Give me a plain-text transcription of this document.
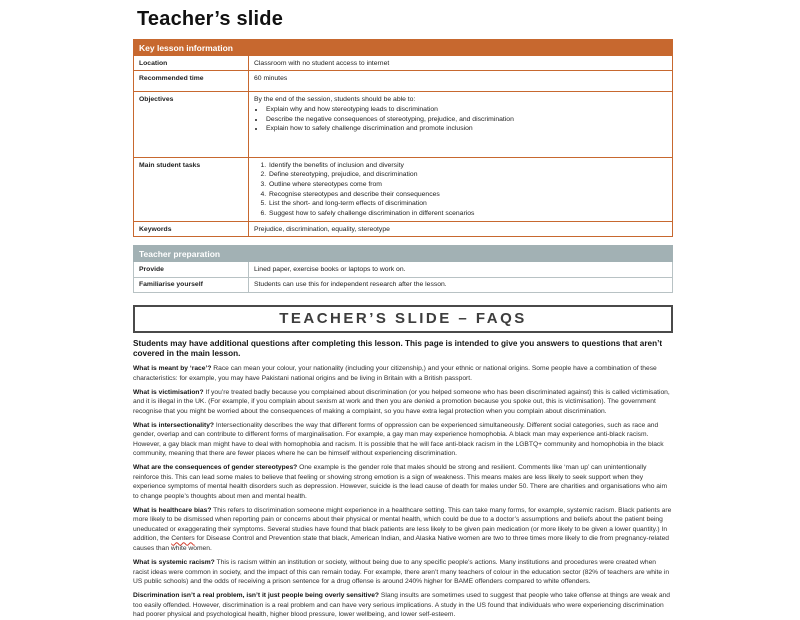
Teacher’s slide
Key lesson information
Location	Classroom with no student access to internet
Recommended time	60 minutes
Objectives	By the end of the session, students should be able to:
• Explain why and how stereotyping leads to discrimination
• Describe the negative consequences of stereotyping, prejudice, and discrimination
• Explain how to safely challenge discrimination and promote inclusion
Main student tasks	1. Identify the benefits of inclusion and diversity
2. Define stereotyping, prejudice, and discrimination
3. Outline where stereotypes come from
4. Recognise stereotypes and describe their consequences
5. List the short- and long-term effects of discrimination
6. Suggest how to safely challenge discrimination in different scenarios
Keywords	Prejudice, discrimination, equality, stereotype
Teacher preparation
Provide	Lined paper, exercise books or laptops to work on.
Familiarise yourself	Students can use this for independent research after the lesson.
TEACHER’S SLIDE – FAQS

Students may have additional questions after completing this lesson. This page is intended to give you answers to questions that aren’t covered in the main lesson.

What is meant by ‘race’? Race can mean your colour, your nationality (including your citizenship,) and your ethnic or national origins. Some people have a combination of these characteristics: for example, you may have Pakistani national origins and be living in Britain with a British passport.

What is victimisation? If you’re treated badly because you complained about discrimination (or you helped someone who has been discriminated against) this is called victimisation, and it is illegal in the UK. (For example, if you complain about sexism at work and then you are denied a promotion because you spoke out, this is victimisation). The government recognise that you might be worried about the consequences of making a complaint, so you have extra legal protection when you complain about discrimination.

What is intersectionality? Intersectionality describes the way that different forms of oppression can be experienced simultaneously. Different social categories, such as race and gender, overlap and can contribute to different forms of marginalisation. For example, a gay man may experience homophobia. A black man may experience anti-black racism. However, a gay black man might have to deal with homophobia and racism. It is possible that he will face anti-black racism in the LGBTQ+ community and homophobia in the black community, meaning that there are fewer places where he can be himself without experiencing discrimination.

What are the consequences of gender stereotypes? One example is the gender role that males should be strong and resilient. Comments like ‘man up’ can unintentionally reinforce this. This can lead some males to believe that feeling or showing strong emotion is a sign of weakness. This means males are less likely to seek support when they experience symptoms of mental health disorders such as depression. However, suicide is the lead cause of death for males under 50. There are charities and organisations who aim to change people’s thoughts about men and mental health.

What is healthcare bias? This refers to discrimination someone might experience in a healthcare setting. This can take many forms, for example, systemic racism. Black patients are more likely to be dismissed when reporting pain or concerns about their physical or mental health, which could be due to a doctor’s assumptions and beliefs about the patient being uneducated or exaggerating their symptoms. Several studies have found that black patients are less likely to be given pain medication (or more likely to be given a lower quantity.) In addition, the Centers for Disease Control and Prevention state that black, American Indian, and Alaska Native women are two to three times more likely to die from pregnancy-related causes than white women.

What is systemic racism? This is racism within an institution or society, without being due to any specific people’s actions. Many institutions and procedures were created when racist ideas were common in society, and the impact of this can remain today. For example, there aren’t many teachers of colour in the education sector (82% of teachers are white in US public schools) and the odds of receiving a prison sentence for a drug offense is around 240% higher for BAME offenders compared to white offenders.

Discrimination isn’t a real problem, isn’t it just people being overly sensitive? Slang insults are sometimes used to suggest that people who take offense at things are weak and too easily offended. However, discrimination is a real problem and can have very serious implications. A study in the US found that individuals who were experiencing discrimination had poorer physical and psychological health, higher blood pressure, lower wellbeing, and lower self-esteem.
